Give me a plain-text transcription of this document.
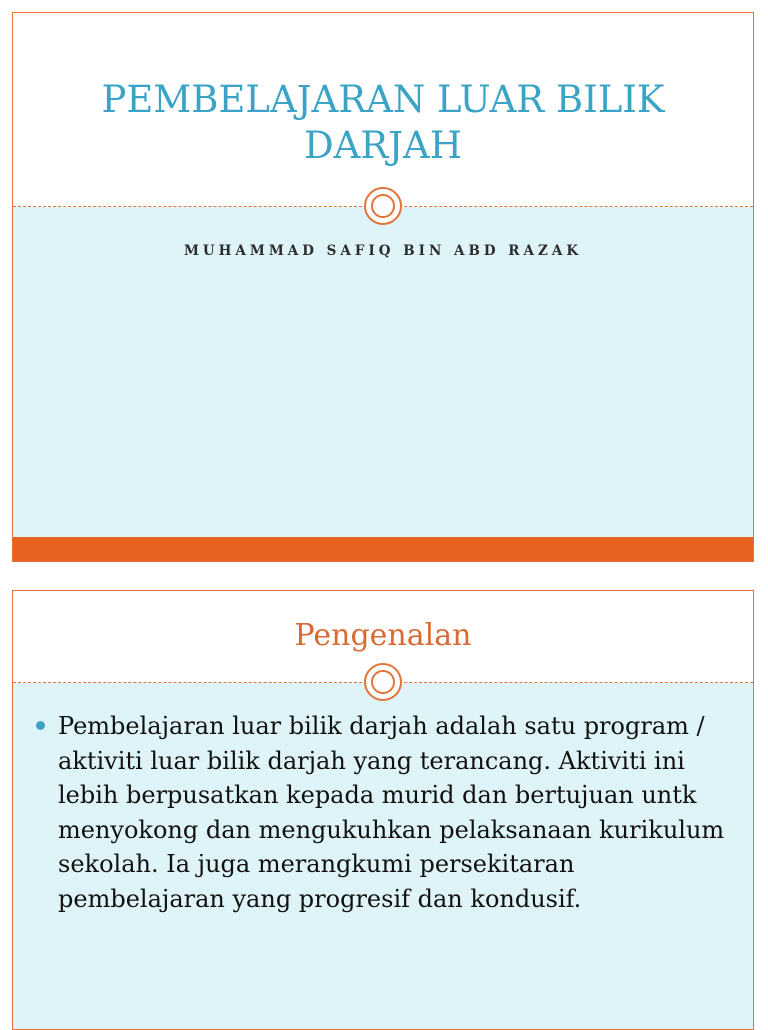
PEMBELAJARAN LUAR BILIK DARJAH
MUHAMMAD SAFIQ BIN ABD RAZAK
Pengenalan
Pembelajaran luar bilik darjah adalah satu program / aktiviti luar bilik darjah yang terancang. Aktiviti ini lebih berpusatkan kepada murid dan bertujuan untk menyokong dan mengukuhkan pelaksanaan kurikulum sekolah. Ia juga merangkumi persekitaran pembelajaran yang progresif dan kondusif.
